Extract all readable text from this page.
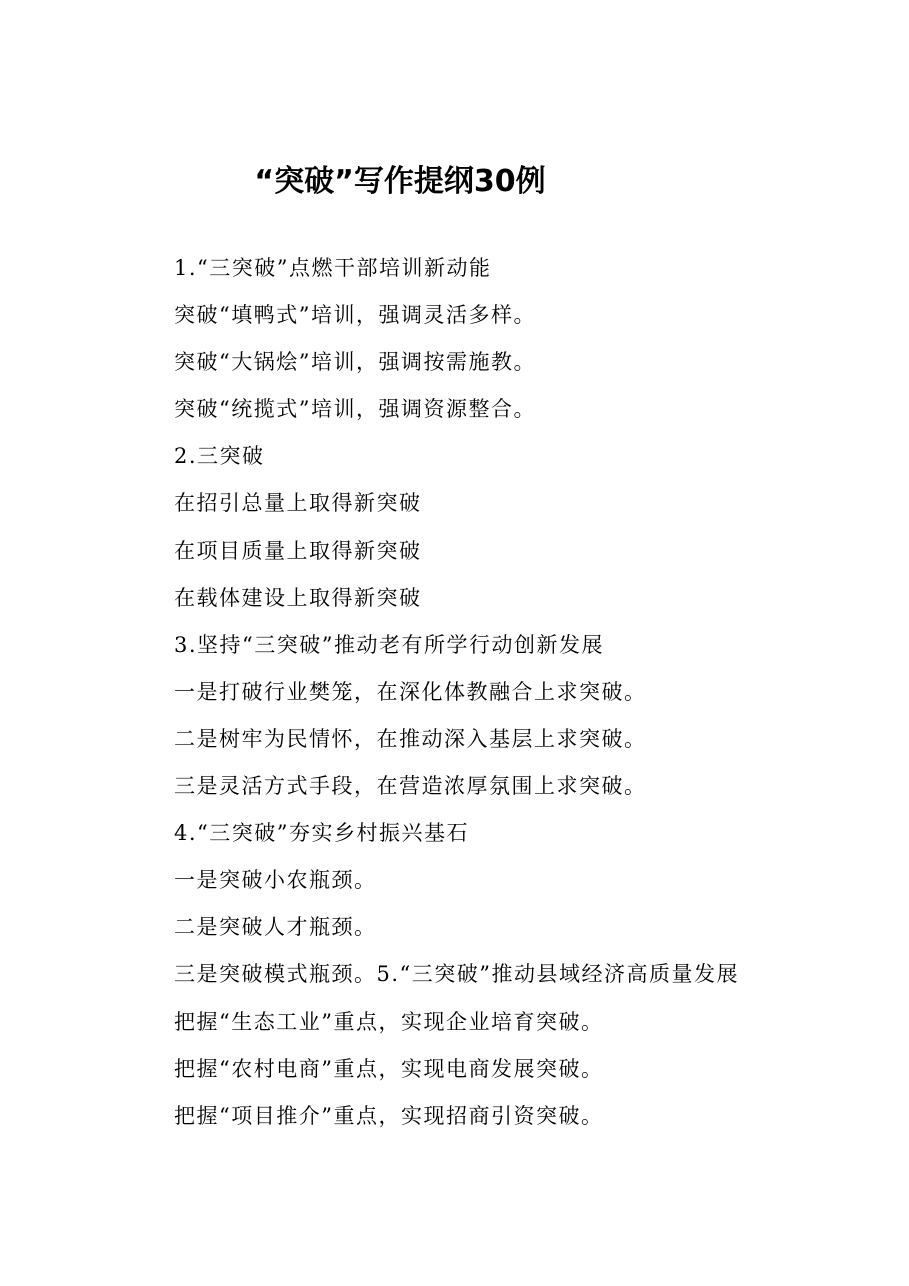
“突破”写作提纲30例
1.“三突破”点燃干部培训新动能
突破“填鸭式”培训，强调灵活多样。
突破“大锅烩”培训，强调按需施教。
突破“统揽式”培训，强调资源整合。
2.三突破
在招引总量上取得新突破
在项目质量上取得新突破
在载体建设上取得新突破
3.坚持“三突破”推动老有所学行动创新发展
一是打破行业樊笼，在深化体教融合上求突破。
二是树牢为民情怀，在推动深入基层上求突破。
三是灵活方式手段，在营造浓厚氛围上求突破。
4.“三突破”夯实乡村振兴基石
一是突破小农瓶颈。
二是突破人才瓶颈。
三是突破模式瓶颈。5.“三突破”推动县域经济高质量发展
把握“生态工业”重点，实现企业培育突破。
把握“农村电商”重点，实现电商发展突破。
把握“项目推介”重点，实现招商引资突破。
